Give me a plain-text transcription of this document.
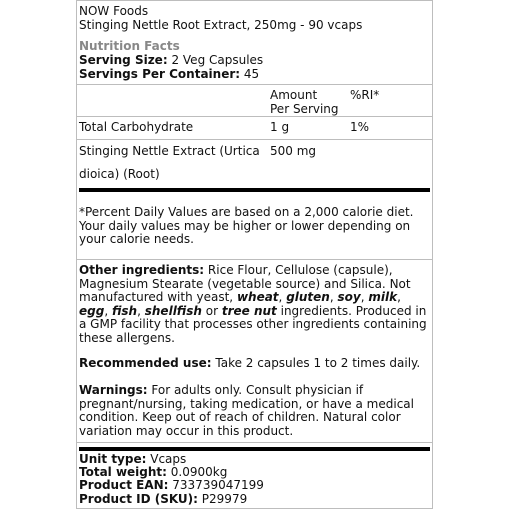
NOW Foods
Stinging Nettle Root Extract, 250mg - 90 vcaps
Nutrition Facts
Serving Size: 2 Veg Capsules
Servings Per Container: 45
Amount
Per Serving
%RI*
Total Carbohydrate	1 g	1%
Stinging Nettle Extract (Urtica
dioica) (Root)
500 mg
*Percent Daily Values are based on a 2,000 calorie diet. Your daily values may be higher or lower depending on your calorie needs.
Other ingredients: Rice Flour, Cellulose (capsule), Magnesium Stearate (vegetable source) and Silica. Not manufactured with yeast, wheat, gluten, soy, milk, egg, fish, shellfish or tree nut ingredients. Produced in a GMP facility that processes other ingredients containing these allergens.
Recommended use: Take 2 capsules 1 to 2 times daily.
Warnings: For adults only. Consult physician if pregnant/nursing, taking medication, or have a medical condition. Keep out of reach of children. Natural color variation may occur in this product.
Unit type: Vcaps
Total weight: 0.0900kg
Product EAN: 733739047199
Product ID (SKU): P29979
